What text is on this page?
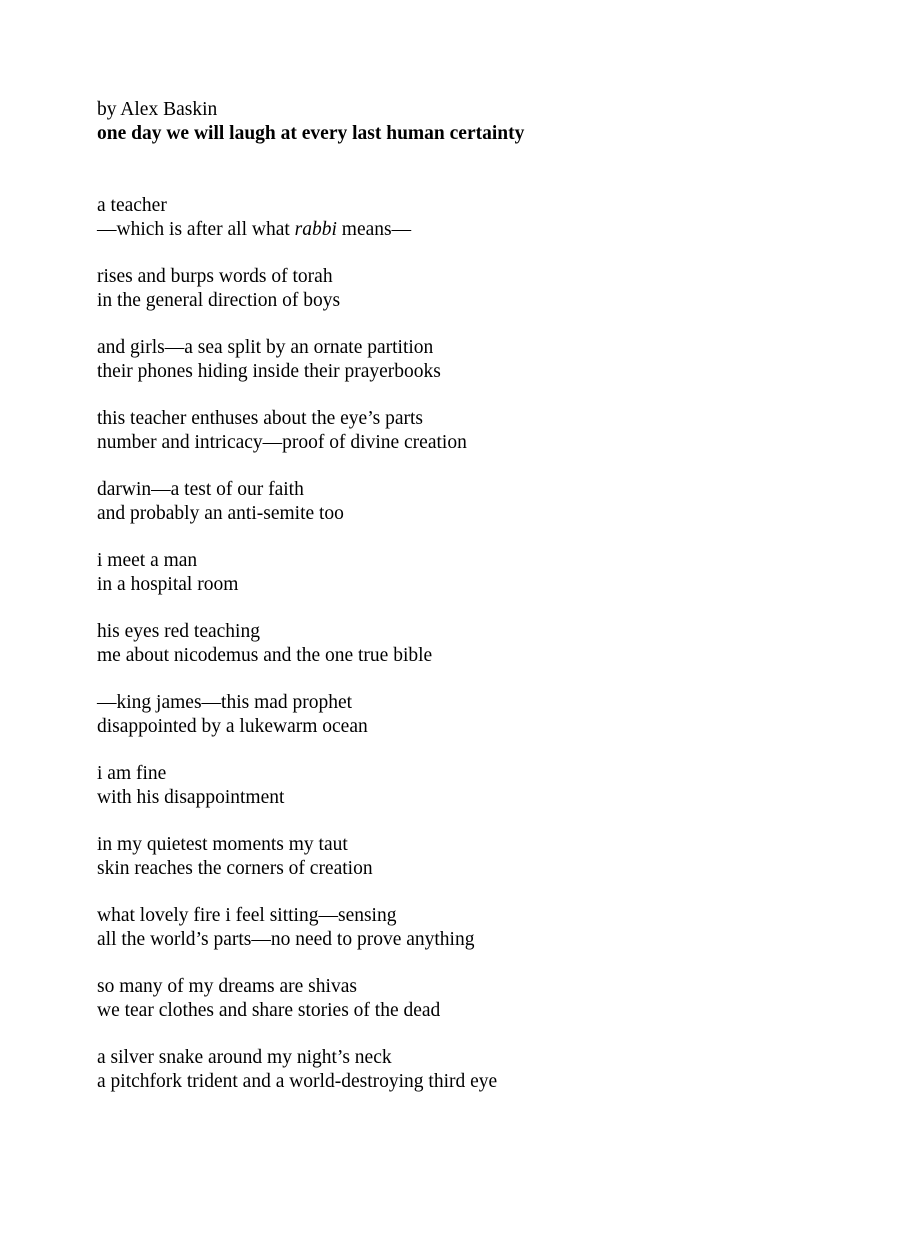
by Alex Baskin
one day we will laugh at every last human certainty
a teacher
—which is after all what rabbi means—
rises and burps words of torah
in the general direction of boys
and girls—a sea split by an ornate partition
their phones hiding inside their prayerbooks
this teacher enthuses about the eye’s parts
number and intricacy—proof of divine creation
darwin—a test of our faith
and probably an anti-semite too
i meet a man
in a hospital room
his eyes red teaching
me about nicodemus and the one true bible
—king james—this mad prophet
disappointed by a lukewarm ocean
i am fine
with his disappointment
in my quietest moments my taut
skin reaches the corners of creation
what lovely fire i feel sitting—sensing
all the world’s parts—no need to prove anything
so many of my dreams are shivas
we tear clothes and share stories of the dead
a silver snake around my night’s neck
a pitchfork trident and a world-destroying third eye
